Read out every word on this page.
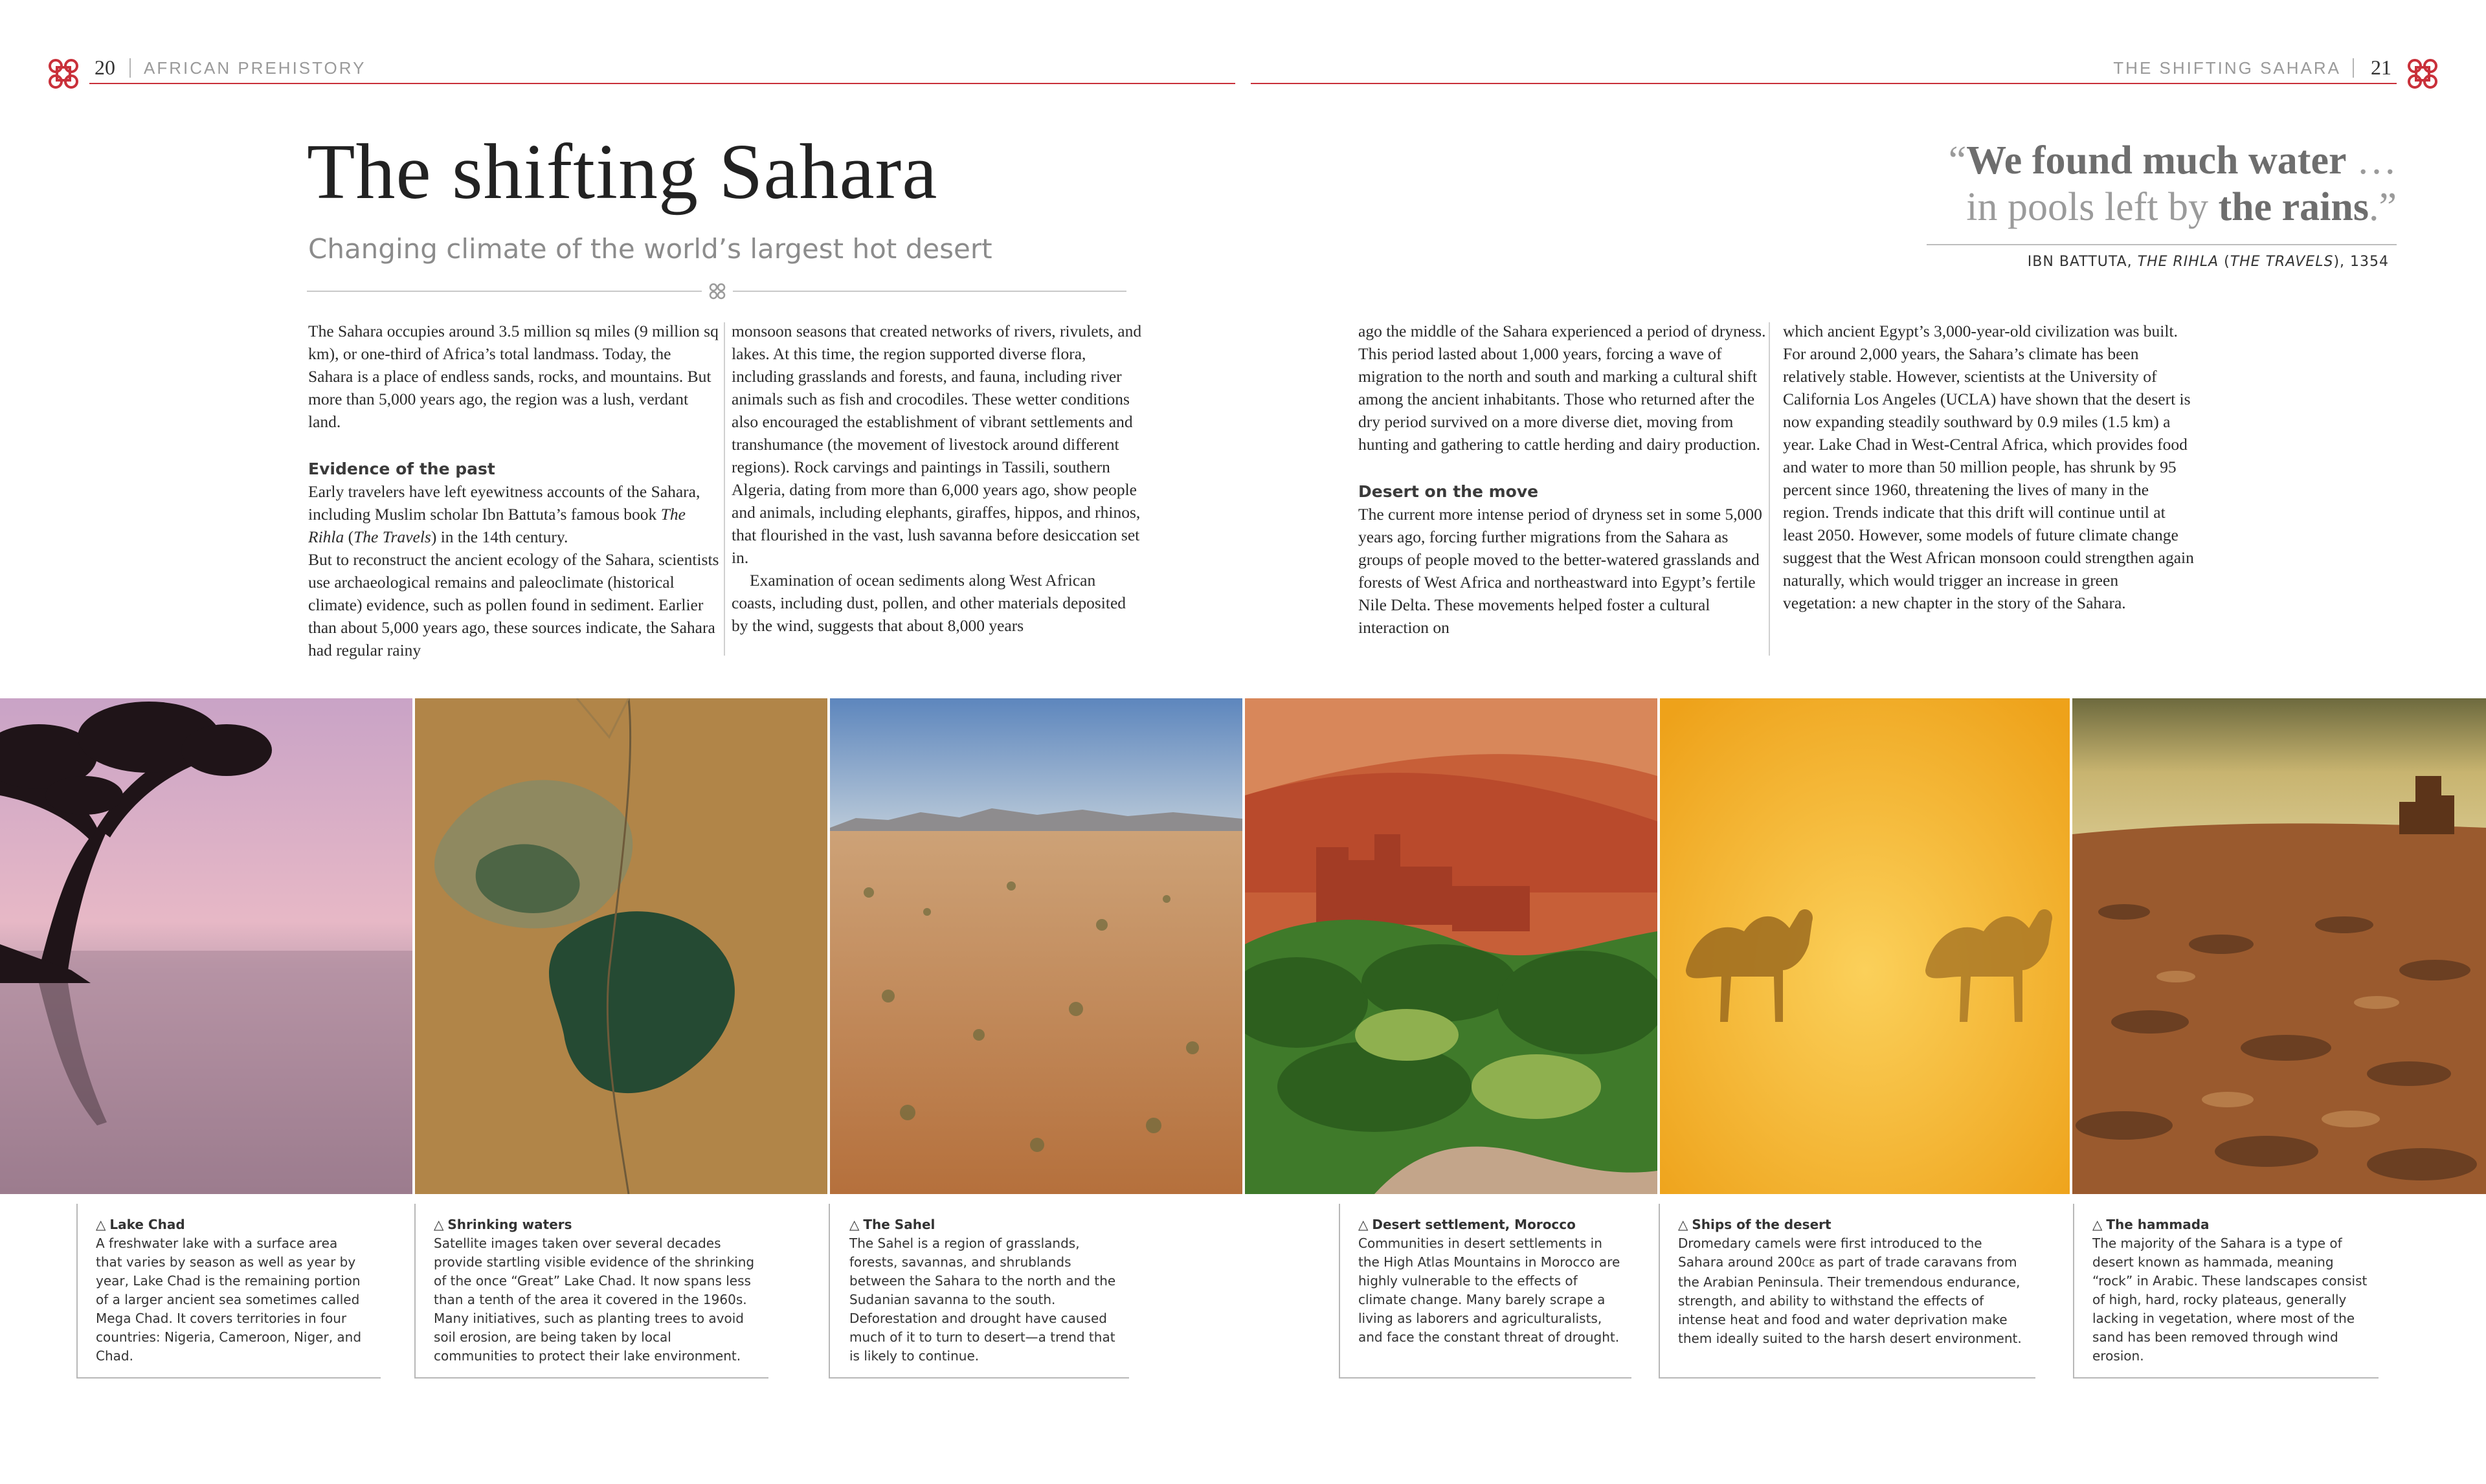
20 AFRICAN PREHISTORY	THE SHIFTING SAHARA 21
The shifting Sahara
Changing climate of the world’s largest hot desert
“We found much water …
in pools left by the rains.”
IBN BATTUTA, THE RIHLA (THE TRAVELS), 1354

The Sahara occupies around 3.5 million sq miles (9 million sq km), or one-third of Africa’s total landmass. Today, the Sahara is a place of endless sands, rocks, and mountains. But more than 5,000 years ago, the region was a lush, verdant land.

Evidence of the past

Early travelers have left eyewitness accounts of the Sahara, including Muslim scholar Ibn Battuta’s famous book The Rihla (The Travels) in the 14th century.

But to reconstruct the ancient ecology of the Sahara, scientists use archaeological remains and paleoclimate (historical climate) evidence, such as pollen found in sediment. Earlier than about 5,000 years ago, these sources indicate, the Sahara had regular rainy

monsoon seasons that created networks of rivers, rivulets, and lakes. At this time, the region supported diverse flora, including grasslands and forests, and fauna, including river animals such as fish and crocodiles. These wetter conditions also encouraged the establishment of vibrant settlements and transhumance (the movement of livestock around different regions). Rock carvings and paintings in Tassili, southern Algeria, dating from more than 6,000 years ago, show people and animals, including elephants, giraffes, hippos, and rhinos, that flourished in the vast, lush savanna before desiccation set in.

Examination of ocean sediments along West African coasts, including dust, pollen, and other materials deposited by the wind, suggests that about 8,000 years

ago the middle of the Sahara experienced a period of dryness. This period lasted about 1,000 years, forcing a wave of migration to the north and south and marking a cultural shift among the ancient inhabitants. Those who returned after the dry period survived on a more diverse diet, moving from hunting and gathering to cattle herding and dairy production.

Desert on the move

The current more intense period of dryness set in some 5,000 years ago, forcing further migrations from the Sahara as groups of people moved to the better-watered grasslands and forests of West Africa and northeastward into Egypt’s fertile Nile Delta. These movements helped foster a cultural interaction on

which ancient Egypt’s 3,000-year-old civilization was built. For around 2,000 years, the Sahara’s climate has been relatively stable. However, scientists at the University of California Los Angeles (UCLA) have shown that the desert is now expanding steadily southward by 0.9 miles (1.5 km) a year. Lake Chad in West-Central Africa, which provides food and water to more than 50 million people, has shrunk by 95 percent since 1960, threatening the lives of many in the region. Trends indicate that this drift will continue until at least 2050. However, some models of future climate change suggest that the West African monsoon could strengthen again naturally, which would trigger an increase in green vegetation: a new chapter in the story of the Sahara.

△ Lake Chad
A freshwater lake with a surface area that varies by season as well as year by year, Lake Chad is the remaining portion of a larger ancient sea sometimes called Mega Chad. It covers territories in four countries: Nigeria, Cameroon, Niger, and Chad.
△ Shrinking waters
Satellite images taken over several decades provide startling visible evidence of the shrinking of the once “Great” Lake Chad. It now spans less than a tenth of the area it covered in the 1960s. Many initiatives, such as planting trees to avoid soil erosion, are being taken by local communities to protect their lake environment.
△ The Sahel
The Sahel is a region of grasslands, forests, savannas, and shrublands between the Sahara to the north and the Sudanian savanna to the south. Deforestation and drought have caused much of it to turn to desert—a trend that is likely to continue.
△ Desert settlement, Morocco
Communities in desert settlements in the High Atlas Mountains in Morocco are highly vulnerable to the effects of climate change. Many barely scrape a living as laborers and agriculturalists, and face the constant threat of drought.
△ Ships of the desert
Dromedary camels were first introduced to the Sahara around 200CE as part of trade caravans from the Arabian Peninsula. Their tremendous endurance, strength, and ability to withstand the effects of intense heat and food and water deprivation make them ideally suited to the harsh desert environment.
△ The hammada
The majority of the Sahara is a type of desert known as hammada, meaning “rock” in Arabic. These landscapes consist of high, hard, rocky plateaus, generally lacking in vegetation, where most of the sand has been removed through wind erosion.
